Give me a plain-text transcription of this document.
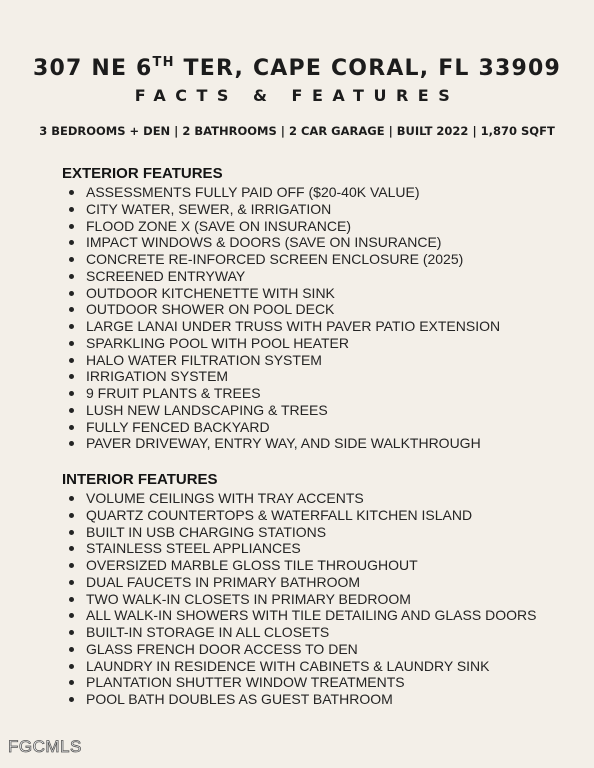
307 NE 6TH TER, CAPE CORAL, FL 33909
FACTS & FEATURES
3 BEDROOMS + DEN | 2 BATHROOMS | 2 CAR GARAGE | BUILT 2022 | 1,870 SQFT
EXTERIOR FEATURES
ASSESSMENTS FULLY PAID OFF ($20-40K VALUE)
CITY WATER, SEWER, & IRRIGATION
FLOOD ZONE X (SAVE ON INSURANCE)
IMPACT WINDOWS & DOORS (SAVE ON INSURANCE)
CONCRETE RE-INFORCED SCREEN ENCLOSURE (2025)
SCREENED ENTRYWAY
OUTDOOR KITCHENETTE WITH SINK
OUTDOOR SHOWER ON POOL DECK
LARGE LANAI UNDER TRUSS WITH PAVER PATIO EXTENSION
SPARKLING POOL WITH POOL HEATER
HALO WATER FILTRATION SYSTEM
IRRIGATION SYSTEM
9 FRUIT PLANTS & TREES
LUSH NEW LANDSCAPING & TREES
FULLY FENCED BACKYARD
PAVER DRIVEWAY, ENTRY WAY, AND SIDE WALKTHROUGH
INTERIOR FEATURES
VOLUME CEILINGS WITH TRAY ACCENTS
QUARTZ COUNTERTOPS & WATERFALL KITCHEN ISLAND
BUILT IN USB CHARGING STATIONS
STAINLESS STEEL APPLIANCES
OVERSIZED MARBLE GLOSS TILE THROUGHOUT
DUAL FAUCETS IN PRIMARY BATHROOM
TWO WALK-IN CLOSETS IN PRIMARY BEDROOM
ALL WALK-IN SHOWERS WITH TILE DETAILING AND GLASS DOORS
BUILT-IN STORAGE IN ALL CLOSETS
GLASS FRENCH DOOR ACCESS TO DEN
LAUNDRY IN RESIDENCE WITH CABINETS & LAUNDRY SINK
PLANTATION SHUTTER WINDOW TREATMENTS
POOL BATH DOUBLES AS GUEST BATHROOM
FGCMLS
